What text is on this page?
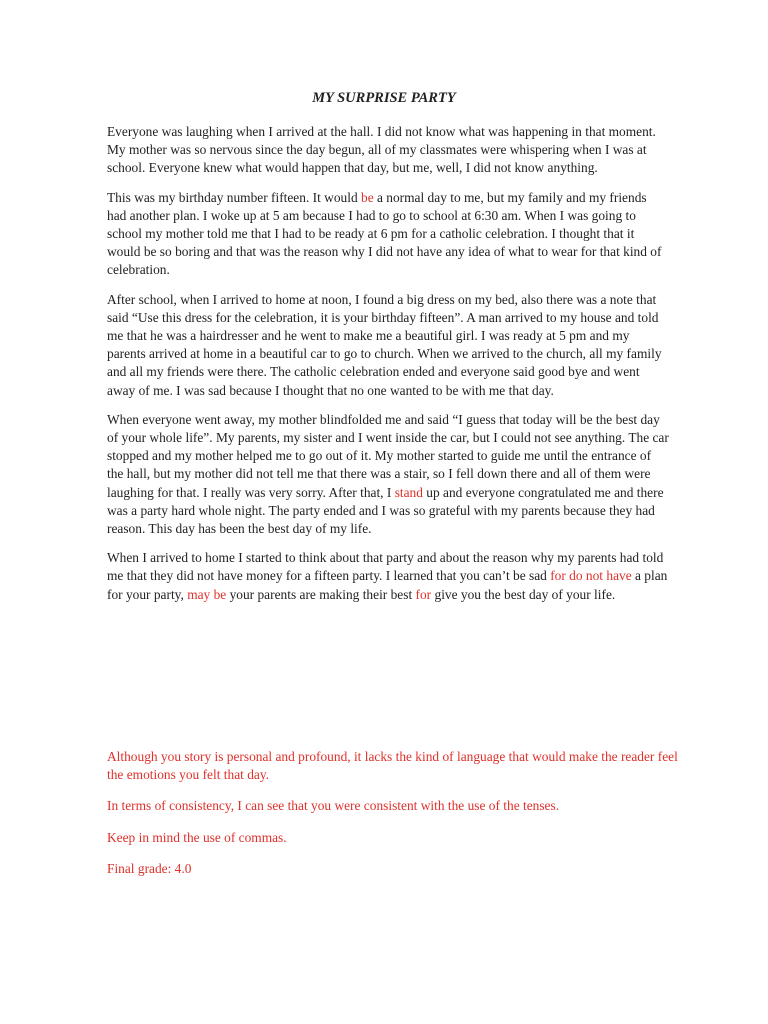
MY SURPRISE PARTY

Everyone was laughing when I arrived at the hall. I did not know what was happening in that moment. My mother was so nervous since the day begun, all of my classmates were whispering when I was at school. Everyone knew what would happen that day, but me, well, I did not know anything.

This was my birthday number fifteen. It would be a normal day to me, but my family and my friends had another plan. I woke up at 5 am because I had to go to school at 6:30 am. When I was going to school my mother told me that I had to be ready at 6 pm for a catholic celebration. I thought that it would be so boring and that was the reason why I did not have any idea of what to wear for that kind of celebration.

After school, when I arrived to home at noon, I found a big dress on my bed, also there was a note that said “Use this dress for the celebration, it is your birthday fifteen”. A man arrived to my house and told me that he was a hairdresser and he went to make me a beautiful girl. I was ready at 5 pm and my parents arrived at home in a beautiful car to go to church. When we arrived to the church, all my family and all my friends were there. The catholic celebration ended and everyone said good bye and went away of me. I was sad because I thought that no one wanted to be with me that day.

When everyone went away, my mother blindfolded me and said “I guess that today will be the best day of your whole life”. My parents, my sister and I went inside the car, but I could not see anything. The car stopped and my mother helped me to go out of it. My mother started to guide me until the entrance of the hall, but my mother did not tell me that there was a stair, so I fell down there and all of them were laughing for that. I really was very sorry. After that, I stand up and everyone congratulated me and there was a party hard whole night. The party ended and I was so grateful with my parents because they had reason. This day has been the best day of my life.

When I arrived to home I started to think about that party and about the reason why my parents had told me that they did not have money for a fifteen party. I learned that you can’t be sad for do not have a plan for your party, may be your parents are making their best for give you the best day of your life.

Although you story is personal and profound, it lacks the kind of language that would make the reader feel the emotions you felt that day.

In terms of consistency, I can see that you were consistent with the use of the tenses.

Keep in mind the use of commas.

Final grade: 4.0
